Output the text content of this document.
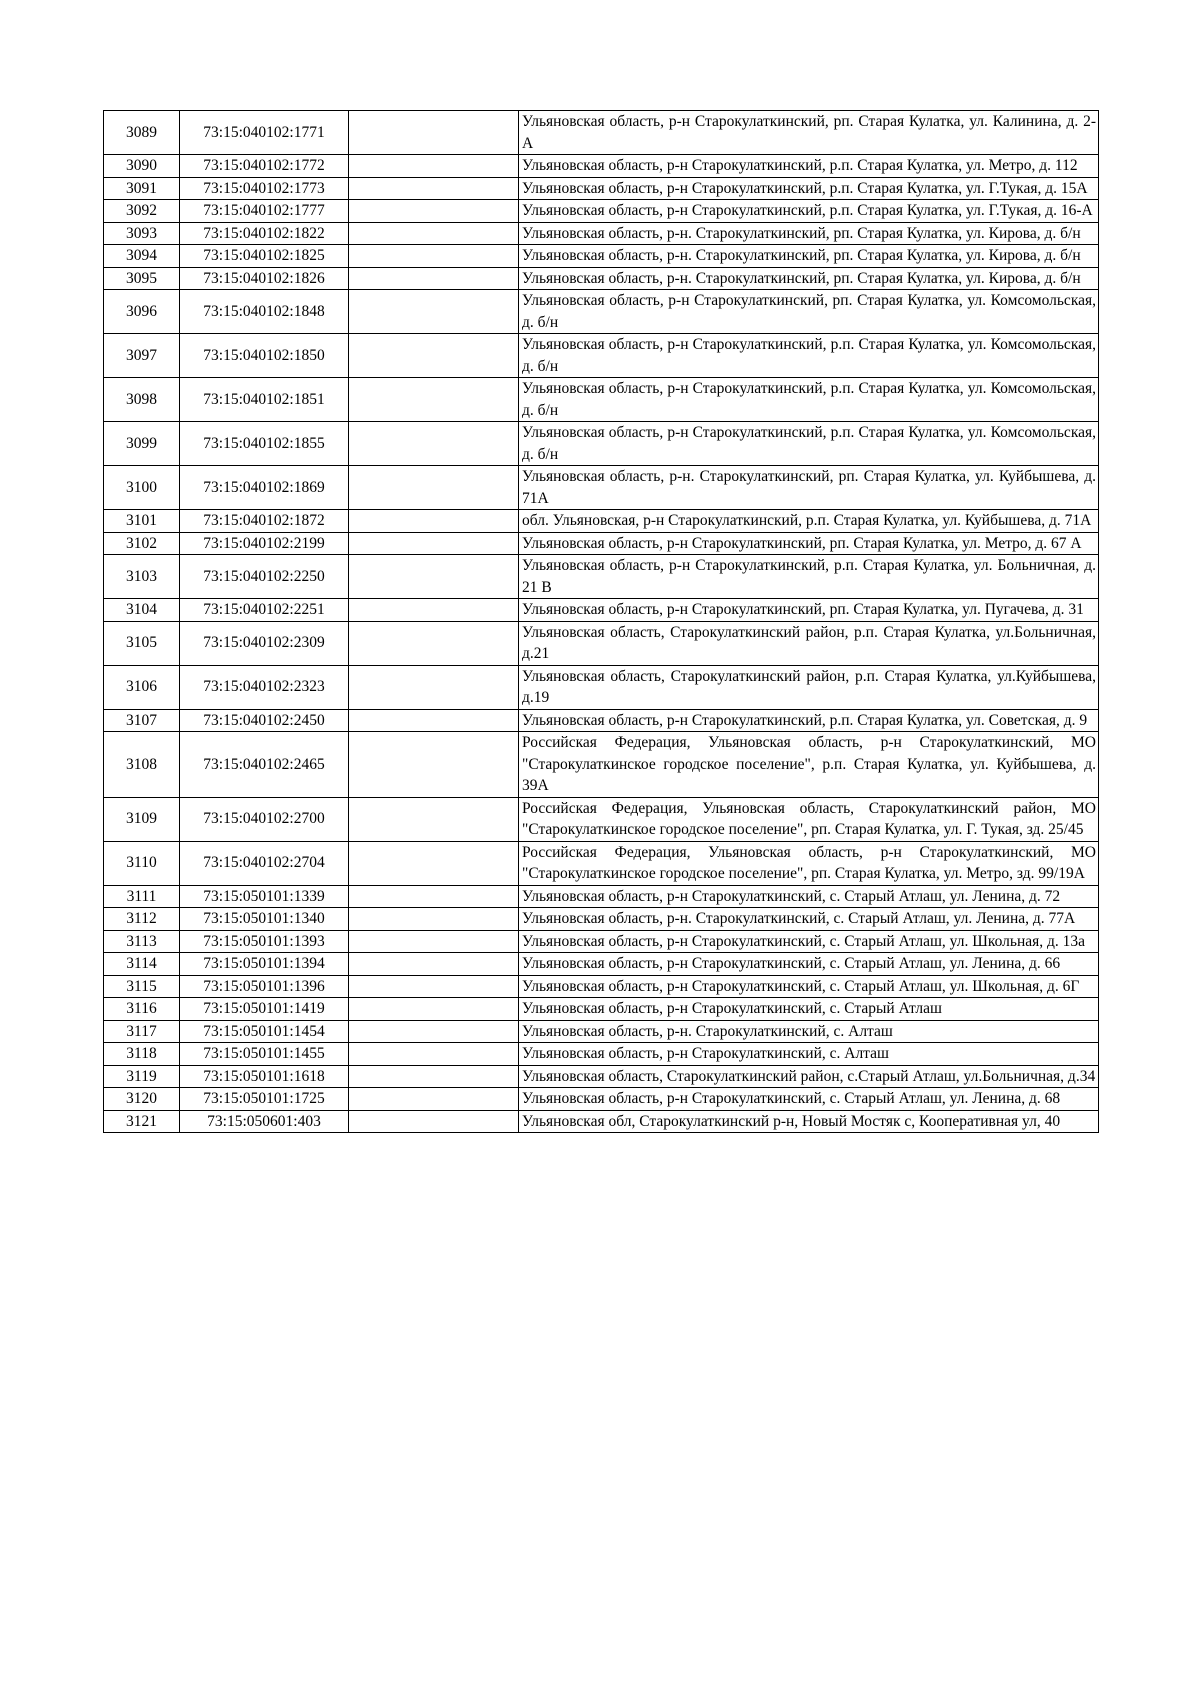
3089	73:15:040102:1771		Ульяновская область, р-н Старокулаткинский, рп. Старая Кулатка, ул. Калинина, д. 2-А
3090	73:15:040102:1772		Ульяновская область, р-н Старокулаткинский, р.п. Старая Кулатка, ул. Метро, д. 112
3091	73:15:040102:1773		Ульяновская область, р-н Старокулаткинский, р.п. Старая Кулатка, ул. Г.Тукая, д. 15А
3092	73:15:040102:1777		Ульяновская область, р-н Старокулаткинский, р.п. Старая Кулатка, ул. Г.Тукая, д. 16-А
3093	73:15:040102:1822		Ульяновская область, р-н. Старокулаткинский, рп. Старая Кулатка, ул. Кирова, д. б/н
3094	73:15:040102:1825		Ульяновская область, р-н. Старокулаткинский, рп. Старая Кулатка, ул. Кирова, д. б/н
3095	73:15:040102:1826		Ульяновская область, р-н. Старокулаткинский, рп. Старая Кулатка, ул. Кирова, д. б/н
3096	73:15:040102:1848		Ульяновская область, р-н Старокулаткинский, рп. Старая Кулатка, ул. Комсомольская, д. б/н
3097	73:15:040102:1850		Ульяновская область, р-н Старокулаткинский, р.п. Старая Кулатка, ул. Комсомольская, д. б/н
3098	73:15:040102:1851		Ульяновская область, р-н Старокулаткинский, р.п. Старая Кулатка, ул. Комсомольская, д. б/н
3099	73:15:040102:1855		Ульяновская область, р-н Старокулаткинский, р.п. Старая Кулатка, ул. Комсомольская, д. б/н
3100	73:15:040102:1869		Ульяновская область, р-н. Старокулаткинский, рп. Старая Кулатка, ул. Куйбышева, д. 71А
3101	73:15:040102:1872		обл. Ульяновская, р-н Старокулаткинский, р.п. Старая Кулатка, ул. Куйбышева, д. 71А
3102	73:15:040102:2199		Ульяновская область, р-н Старокулаткинский, рп. Старая Кулатка, ул. Метро, д. 67 А
3103	73:15:040102:2250		Ульяновская область, р-н Старокулаткинский, р.п. Старая Кулатка, ул. Больничная, д. 21 В
3104	73:15:040102:2251		Ульяновская область, р-н Старокулаткинский, рп. Старая Кулатка, ул. Пугачева, д. 31
3105	73:15:040102:2309		Ульяновская область, Старокулаткинский район, р.п. Старая Кулатка, ул.Больничная, д.21
3106	73:15:040102:2323		Ульяновская область, Старокулаткинский район, р.п. Старая Кулатка, ул.Куйбышева, д.19
3107	73:15:040102:2450		Ульяновская область, р-н Старокулаткинский, р.п. Старая Кулатка, ул. Советская, д. 9
3108	73:15:040102:2465		Российская Федерация, Ульяновская область, р-н Старокулаткинский, МО "Старокулаткинское городское поселение", р.п. Старая Кулатка, ул. Куйбышева, д. 39А
3109	73:15:040102:2700		Российская Федерация, Ульяновская область, Старокулаткинский район, МО "Старокулаткинское городское поселение", рп. Старая Кулатка, ул. Г. Тукая, зд. 25/45
3110	73:15:040102:2704		Российская Федерация, Ульяновская область, р-н Старокулаткинский, МО "Старокулаткинское городское поселение", рп. Старая Кулатка, ул. Метро, зд. 99/19А
3111	73:15:050101:1339		Ульяновская область, р-н Старокулаткинский, с. Старый Атлаш, ул. Ленина, д. 72
3112	73:15:050101:1340		Ульяновская область, р-н. Старокулаткинский, с. Старый Атлаш, ул. Ленина, д. 77А
3113	73:15:050101:1393		Ульяновская область, р-н Старокулаткинский, с. Старый Атлаш, ул. Школьная, д. 13а
3114	73:15:050101:1394		Ульяновская область, р-н Старокулаткинский, с. Старый Атлаш, ул. Ленина, д. 66
3115	73:15:050101:1396		Ульяновская область, р-н Старокулаткинский, с. Старый Атлаш, ул. Школьная, д. 6Г
3116	73:15:050101:1419		Ульяновская область, р-н Старокулаткинский, с. Старый Атлаш
3117	73:15:050101:1454		Ульяновская область, р-н. Старокулаткинский, с. Алташ
3118	73:15:050101:1455		Ульяновская область, р-н Старокулаткинский, с. Алташ
3119	73:15:050101:1618		Ульяновская область, Старокулаткинский район, с.Старый Атлаш, ул.Больничная, д.34
3120	73:15:050101:1725		Ульяновская область, р-н Старокулаткинский, с. Старый Атлаш, ул. Ленина, д. 68
3121	73:15:050601:403		Ульяновская обл, Старокулаткинский р-н, Новый Мостяк с, Кооперативная ул, 40
